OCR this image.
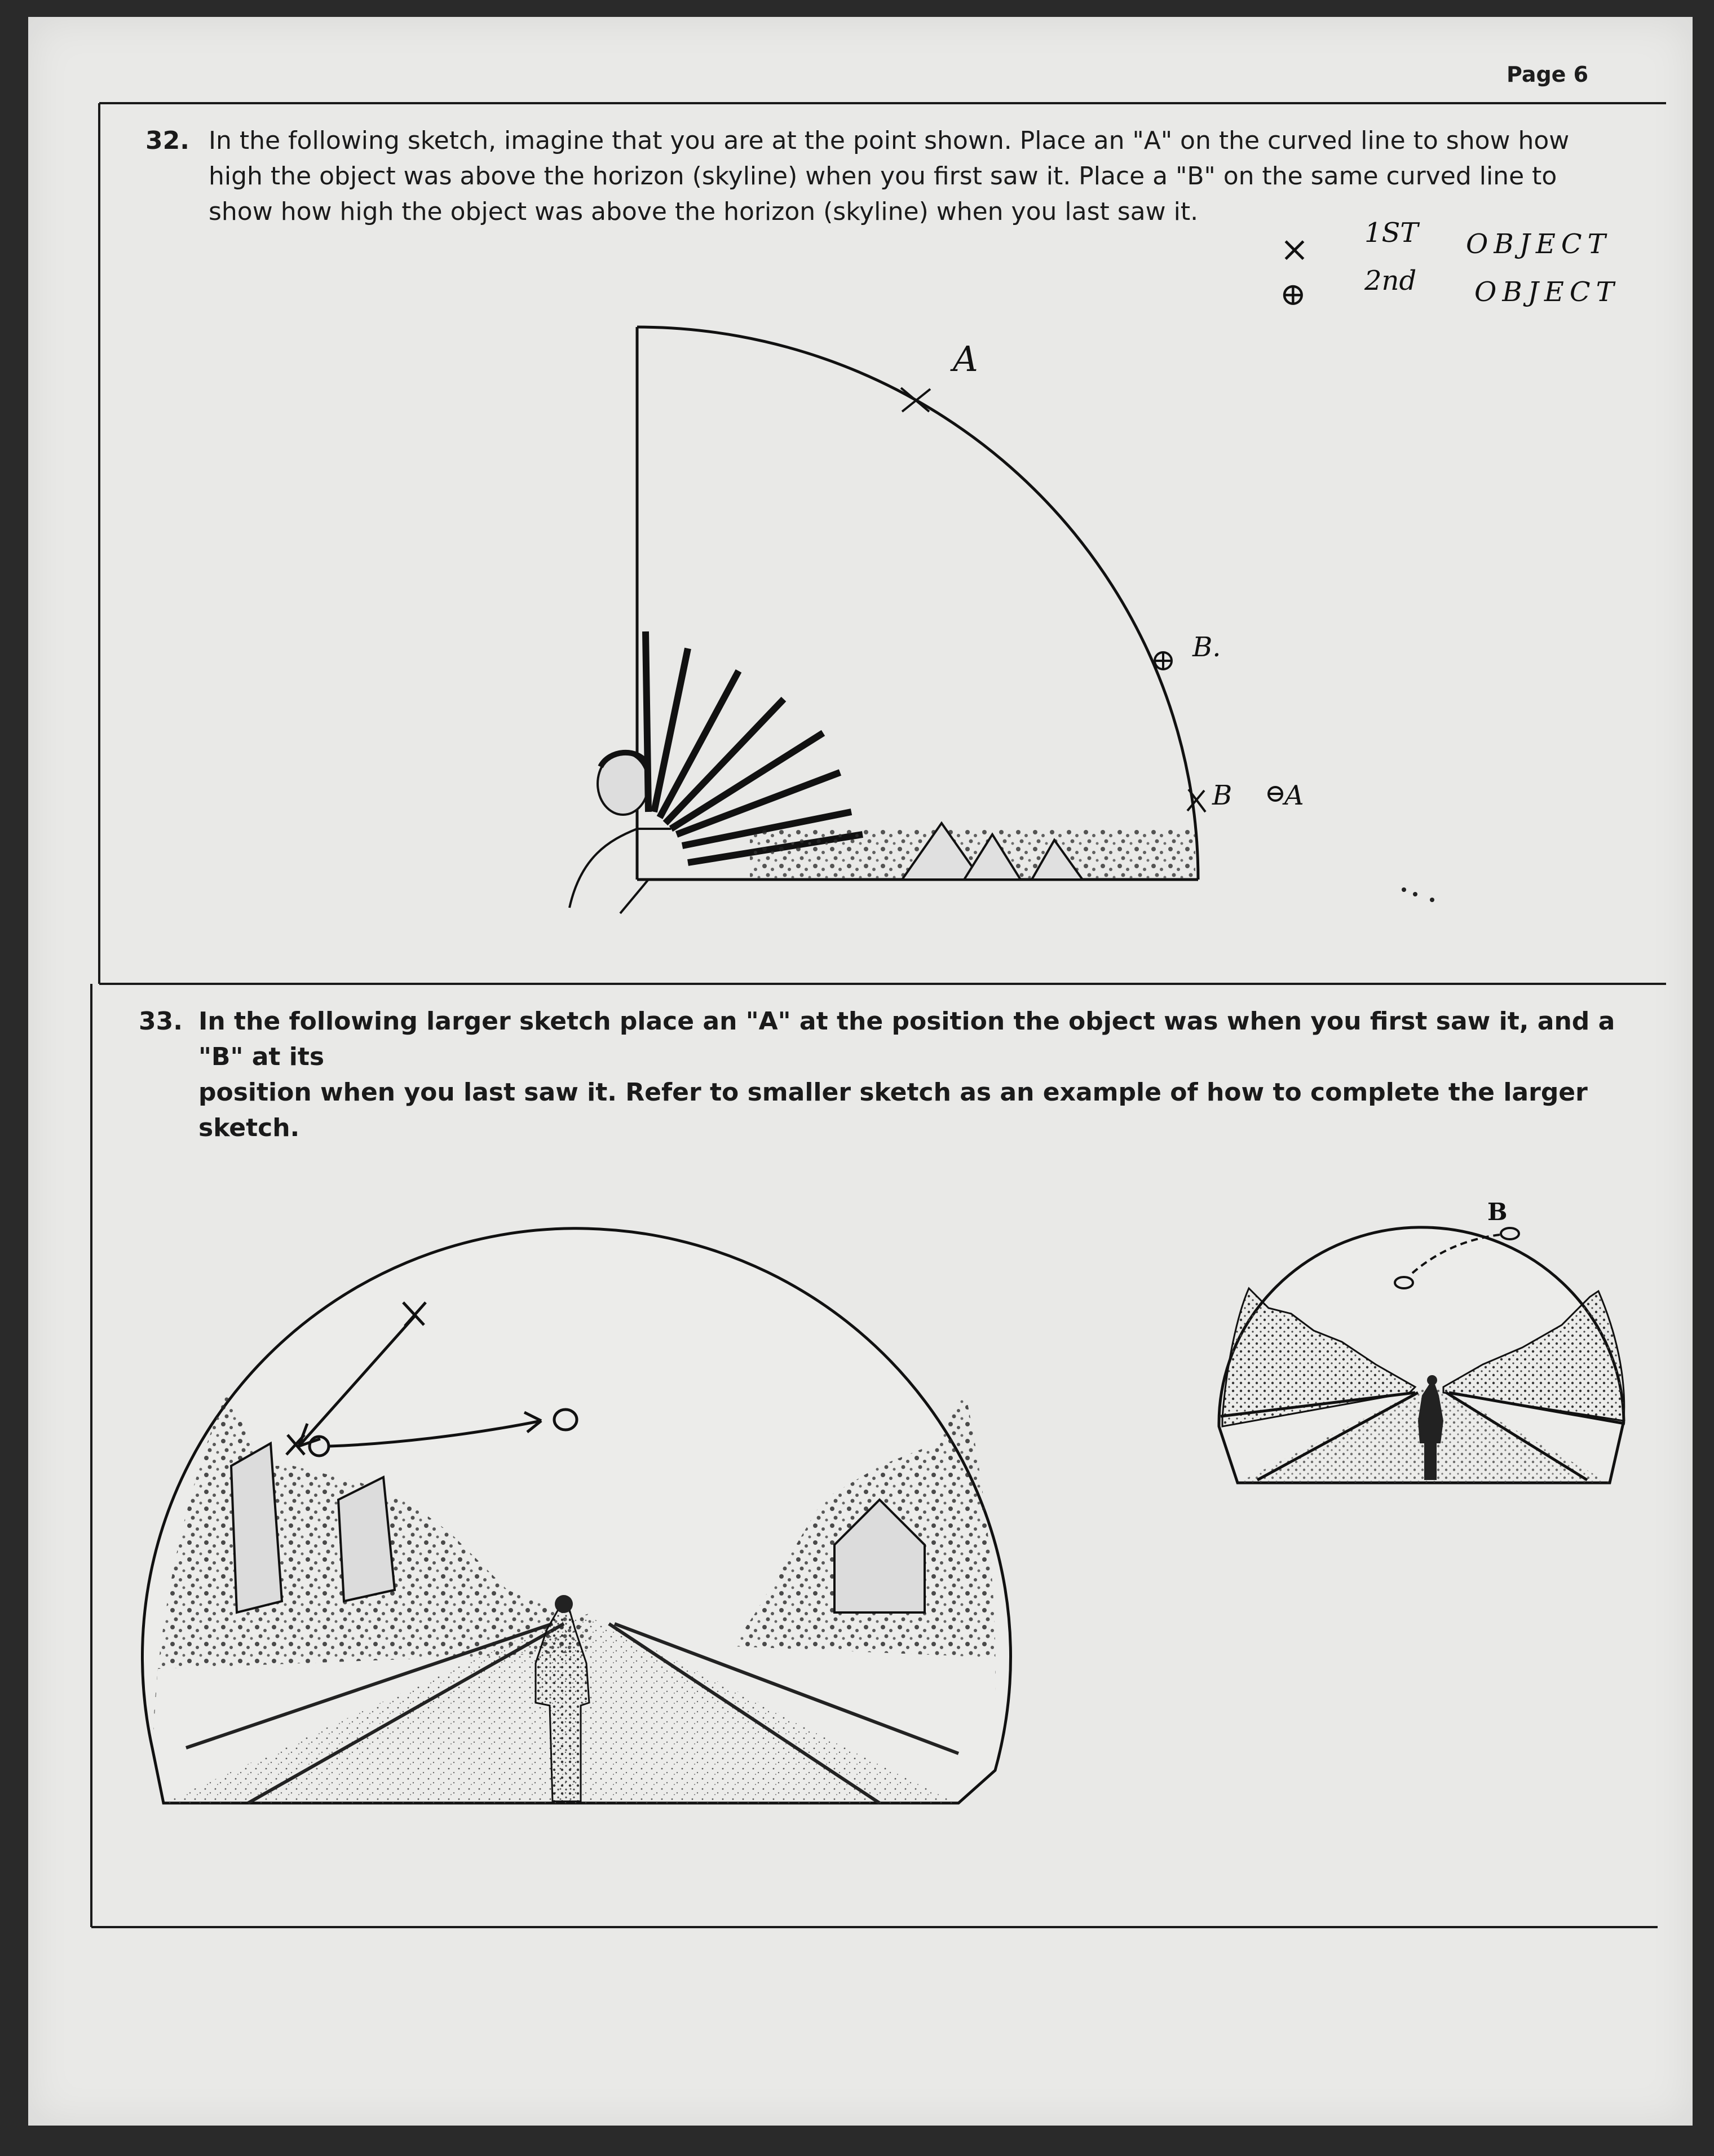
Page 6
32. In the following sketch, imagine that you are at the point shown. Place an "A" on the curved line to show how
high the object was above the horizon (skyline) when you first saw it. Place a "B" on the same curved line to
show how high the object was above the horizon (skyline) when you last saw it.
33. In the following larger sketch place an "A" at the position the object was when you first saw it, and a "B" at its
position when you last saw it. Refer to smaller sketch as an example of how to complete the larger sketch.
× 1ST OBJECT
⊕ 2nd OBJECT
A
B.
B A
B
